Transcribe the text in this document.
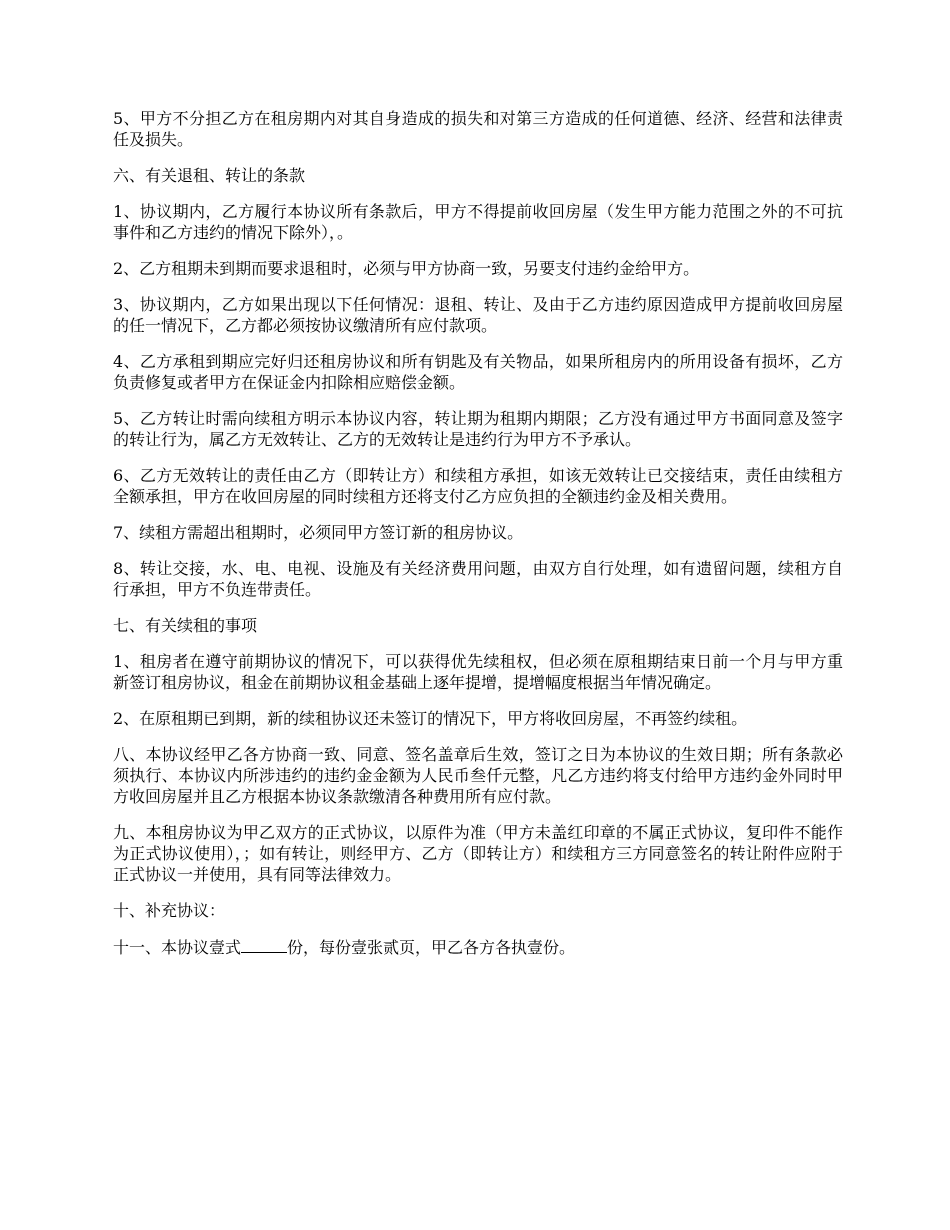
5、甲方不分担乙方在租房期内对其自身造成的损失和对第三方造成的任何道德、经济、经营和法律责任及损失。

六、有关退租、转让的条款

1、协议期内，乙方履行本协议所有条款后，甲方不得提前收回房屋（发生甲方能力范围之外的不可抗事件和乙方违约的情况下除外），。

2、乙方租期未到期而要求退租时，必须与甲方协商一致，另要支付违约金给甲方。

3、协议期内，乙方如果出现以下任何情况：退租、转让、及由于乙方违约原因造成甲方提前收回房屋的任一情况下，乙方都必须按协议缴清所有应付款项。

4、乙方承租到期应完好归还租房协议和所有钥匙及有关物品，如果所租房内的所用设备有损坏，乙方负责修复或者甲方在保证金内扣除相应赔偿金额。

5、乙方转让时需向续租方明示本协议内容，转让期为租期内期限；乙方没有通过甲方书面同意及签字的转让行为，属乙方无效转让、乙方的无效转让是违约行为甲方不予承认。

6、乙方无效转让的责任由乙方（即转让方）和续租方承担，如该无效转让已交接结束，责任由续租方全额承担，甲方在收回房屋的同时续租方还将支付乙方应负担的全额违约金及相关费用。

7、续租方需超出租期时，必须同甲方签订新的租房协议。

8、转让交接，水、电、电视、设施及有关经济费用问题，由双方自行处理，如有遗留问题，续租方自行承担，甲方不负连带责任。

七、有关续租的事项

1、租房者在遵守前期协议的情况下，可以获得优先续租权，但必须在原租期结束日前一个月与甲方重新签订租房协议，租金在前期协议租金基础上逐年提增，提增幅度根据当年情况确定。

2、在原租期已到期，新的续租协议还未签订的情况下，甲方将收回房屋，不再签约续租。

八、本协议经甲乙各方协商一致、同意、签名盖章后生效，签订之日为本协议的生效日期；所有条款必须执行、本协议内所涉违约的违约金金额为人民币叁仟元整，凡乙方违约将支付给甲方违约金外同时甲方收回房屋并且乙方根据本协议条款缴清各种费用所有应付款。

九、本租房协议为甲乙双方的正式协议，以原件为准（甲方未盖红印章的不属正式协议，复印件不能作为正式协议使用），；如有转让，则经甲方、乙方（即转让方）和续租方三方同意签名的转让附件应附于正式协议一并使用，具有同等法律效力。

十、补充协议：

十一、本协议壹式	份，每份壹张贰页，甲乙各方各执壹份。
